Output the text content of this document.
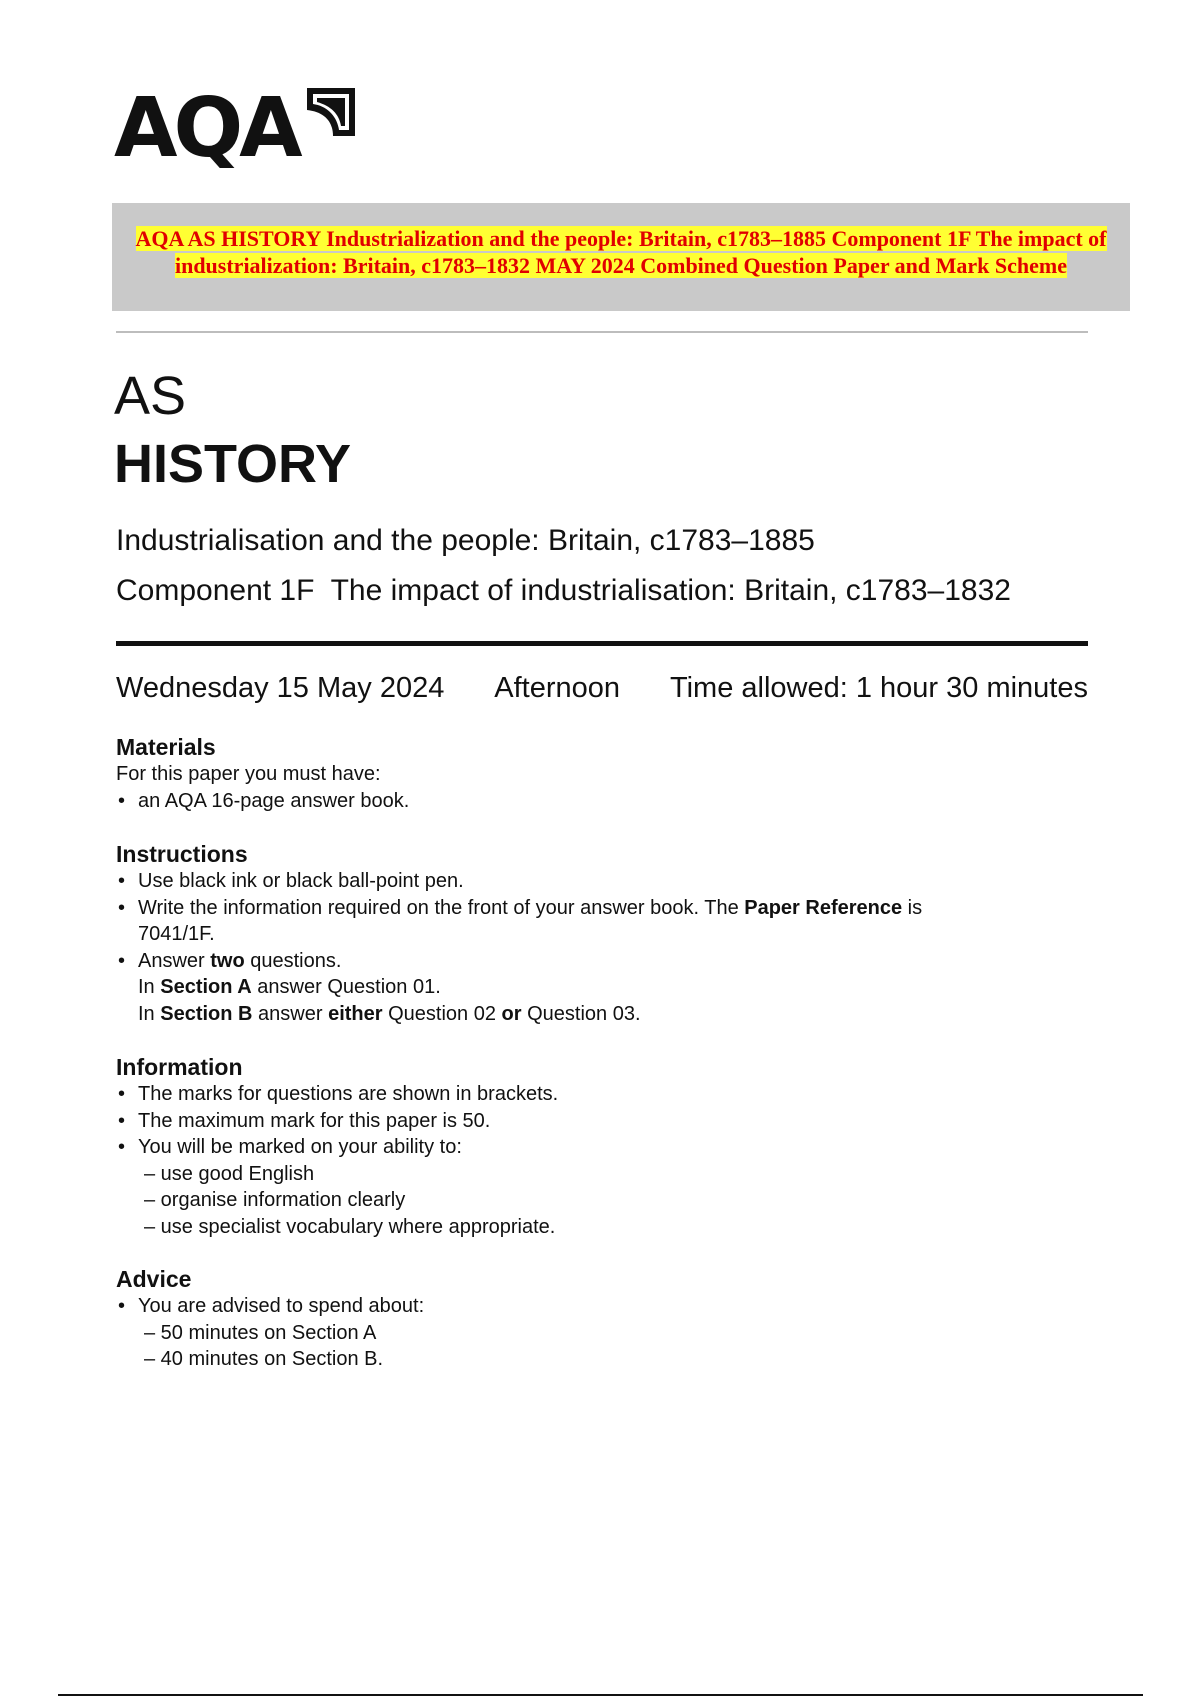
AQA
AQA AS HISTORY Industrialization and the people: Britain, c1783–1885 Component 1F The impact of industrialization: Britain, c1783–1832 MAY 2024 Combined Question Paper and Mark Scheme
AS
HISTORY
Industrialisation and the people: Britain, c1783–1885
Component 1F  The impact of industrialisation: Britain, c1783–1832
Wednesday 15 May 2024 Afternoon Time allowed: 1 hour 30 minutes
Materials
For this paper you must have:
• an AQA 16-page answer book.
Instructions
• Use black ink or black ball-point pen.
• Write the information required on the front of your answer book. The Paper Reference is
7041/1F.
• Answer two questions.
In Section A answer Question 01.
In Section B answer either Question 02 or Question 03.
Information
• The marks for questions are shown in brackets.
• The maximum mark for this paper is 50.
• You will be marked on your ability to:
– use good English
– organise information clearly
– use specialist vocabulary where appropriate.
Advice
• You are advised to spend about:
– 50 minutes on Section A
– 40 minutes on Section B.
